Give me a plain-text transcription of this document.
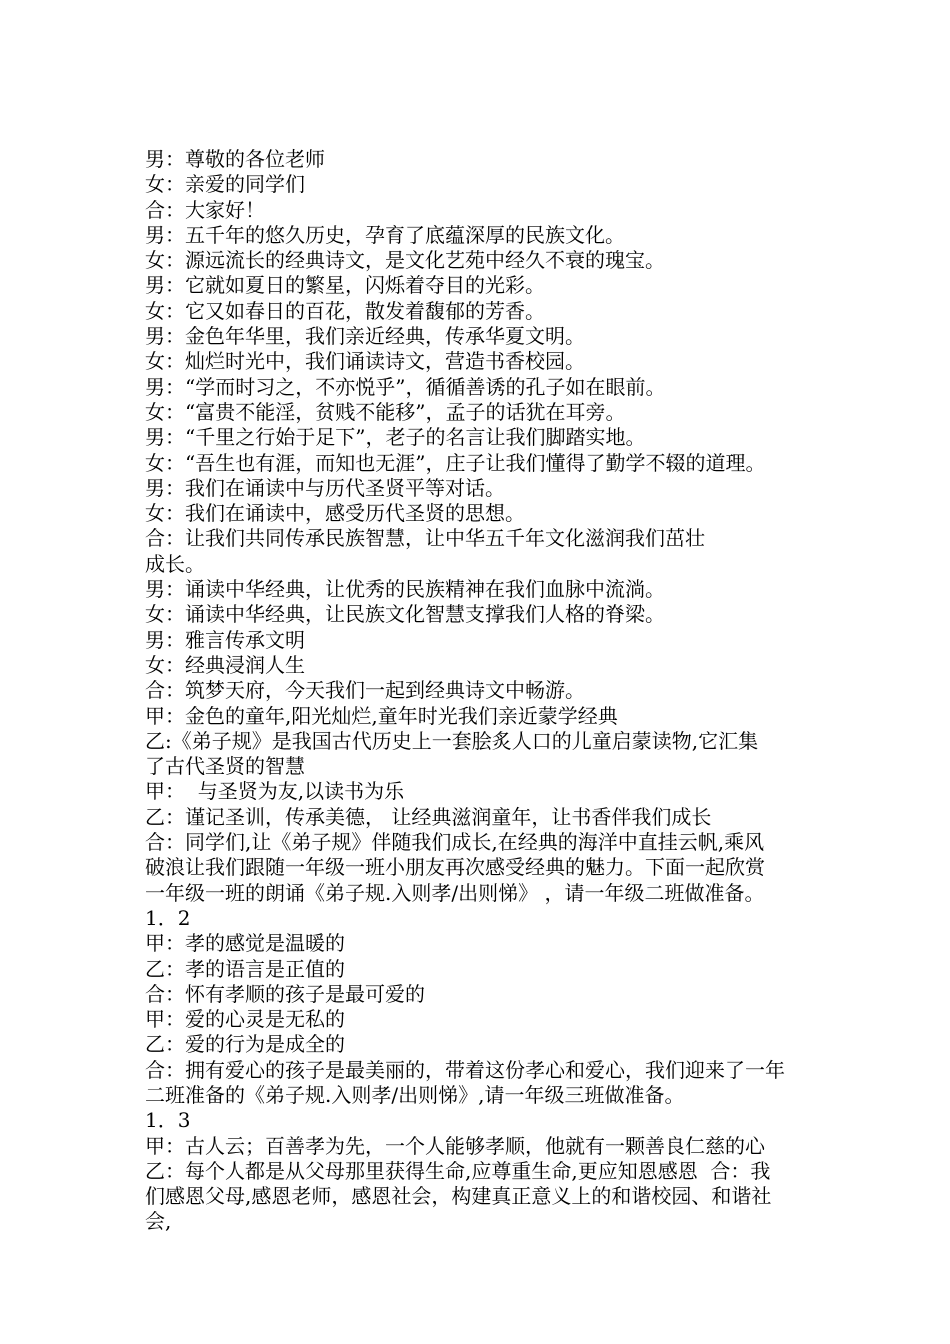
男：尊敬的各位老师
女：亲爱的同学们
合：大家好！
男：五千年的悠久历史，孕育了底蕴深厚的民族文化。
女：源远流长的经典诗文，是文化艺苑中经久不衰的瑰宝。
男：它就如夏日的繁星，闪烁着夺目的光彩。
女：它又如春日的百花，散发着馥郁的芳香。
男：金色年华里，我们亲近经典，传承华夏文明。
女：灿烂时光中，我们诵读诗文，营造书香校园。
男：“学而时习之，不亦悦乎”，循循善诱的孔子如在眼前。
女：“富贵不能淫，贫贱不能移”，孟子的话犹在耳旁。
男：“千里之行始于足下”，老子的名言让我们脚踏实地。
女：“吾生也有涯，而知也无涯”，庄子让我们懂得了勤学不辍的道理。
男：我们在诵读中与历代圣贤平等对话。
女：我们在诵读中，感受历代圣贤的思想。
合：让我们共同传承民族智慧，让中华五千年文化滋润我们茁壮
成长。
男：诵读中华经典，让优秀的民族精神在我们血脉中流淌。
女：诵读中华经典，让民族文化智慧支撑我们人格的脊梁。
男：雅言传承文明
女：经典浸润人生
合：筑梦天府，今天我们一起到经典诗文中畅游。
甲：金色的童年,阳光灿烂,童年时光我们亲近蒙学经典
乙:《弟子规》是我国古代历史上一套脍炙人口的儿童启蒙读物,它汇集
了古代圣贤的智慧
甲：  与圣贤为友,以读书为乐
乙：谨记圣训，传承美德， 让经典滋润童年，让书香伴我们成长
合：同学们,让《弟子规》伴随我们成长,在经典的海洋中直挂云帆,乘风
破浪让我们跟随一年级一班小朋友再次感受经典的魅力。下面一起欣赏
一年级一班的朗诵《弟子规.入则孝/出则悌》 ，请一年级二班做准备。
1．2
甲：孝的感觉是温暖的
乙：孝的语言是正值的
合：怀有孝顺的孩子是最可爱的
甲：爱的心灵是无私的
乙：爱的行为是成全的
合：拥有爱心的孩子是最美丽的，带着这份孝心和爱心，我们迎来了一年
二班准备的《弟子规.入则孝/出则悌》,请一年级三班做准备。
1．3
甲：古人云；百善孝为先，一个人能够孝顺，他就有一颗善良仁慈的心
乙：每个人都是从父母那里获得生命,应尊重生命,更应知恩感恩  合：我
们感恩父母,感恩老师，感恩社会，构建真正意义上的和谐校园、和谐社
会,
